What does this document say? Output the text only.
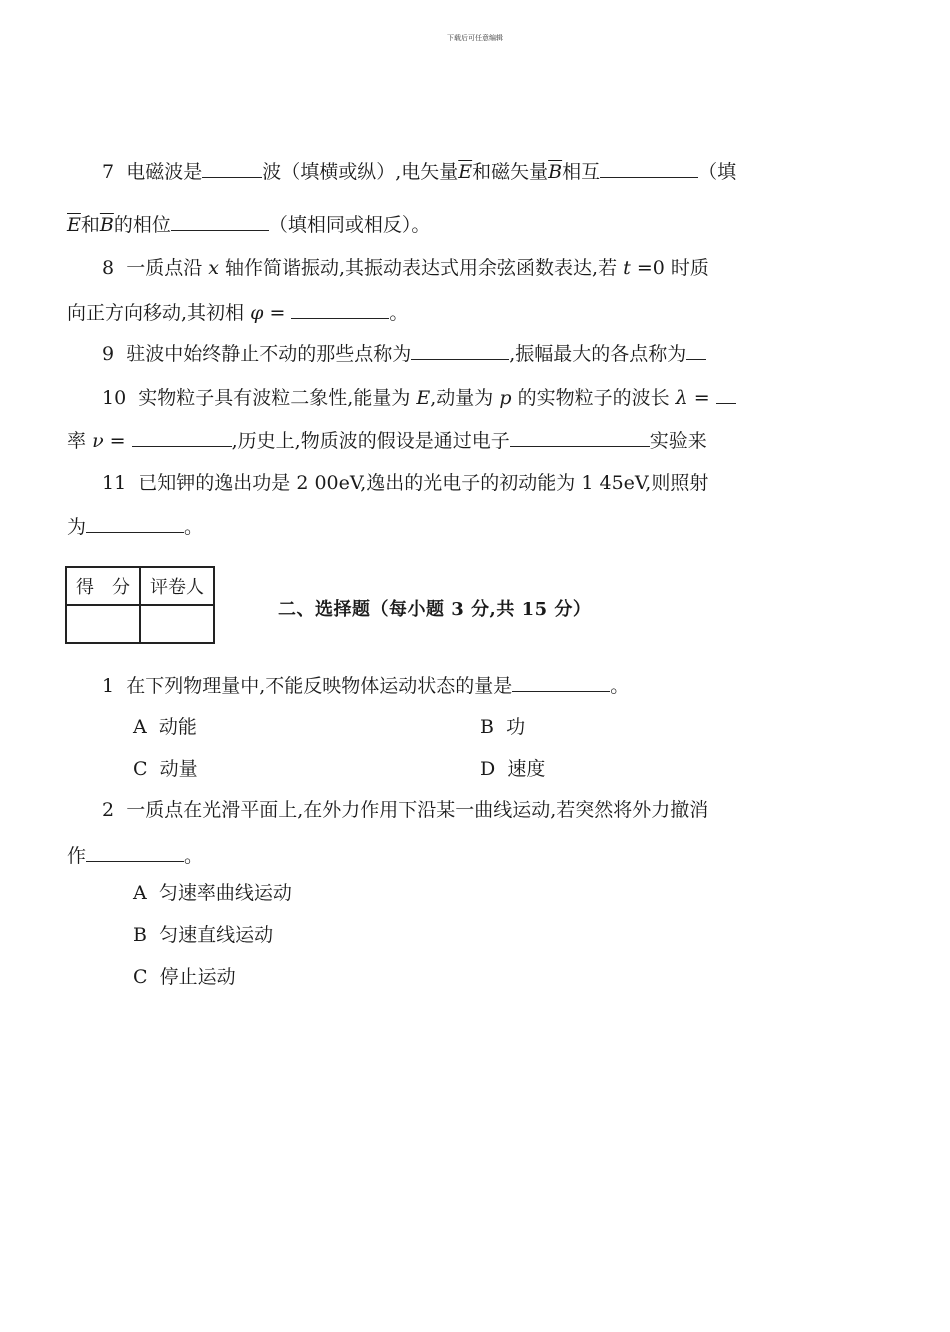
下载后可任意编辑
7 电磁波是	波（填横或纵）,电矢量$\overline{E}$和磁矢量$\overline{B}$相互	（填
$\overline{E}$和$\overline{B}$的相位	（填相同或相反）。
8 一质点沿 x 轴作简谐振动,其振动表达式用余弦函数表达,若 t =0 时质
向正方向移动,其初相 φ =	。
9 驻波中始终静止不动的那些点称为	,振幅最大的各点称为
10 实物粒子具有波粒二象性,能量为 E,动量为 p 的实物粒子的波长 λ =
率 ν =	,历史上,物质波的假设是通过电子	实验来
11 已知钾的逸出功是 2 00eV,逸出的光电子的初动能为 1 45eV,则照射
为	。
得　分	评卷人

二、选择题（每小题 3 分,共 15 分）
1 在下列物理量中,不能反映物体运动状态的量是	。
A 动能	B 功
C 动量	D 速度
2 一质点在光滑平面上,在外力作用下沿某一曲线运动,若突然将外力撤消
作	。
A 匀速率曲线运动
B 匀速直线运动
C 停止运动
